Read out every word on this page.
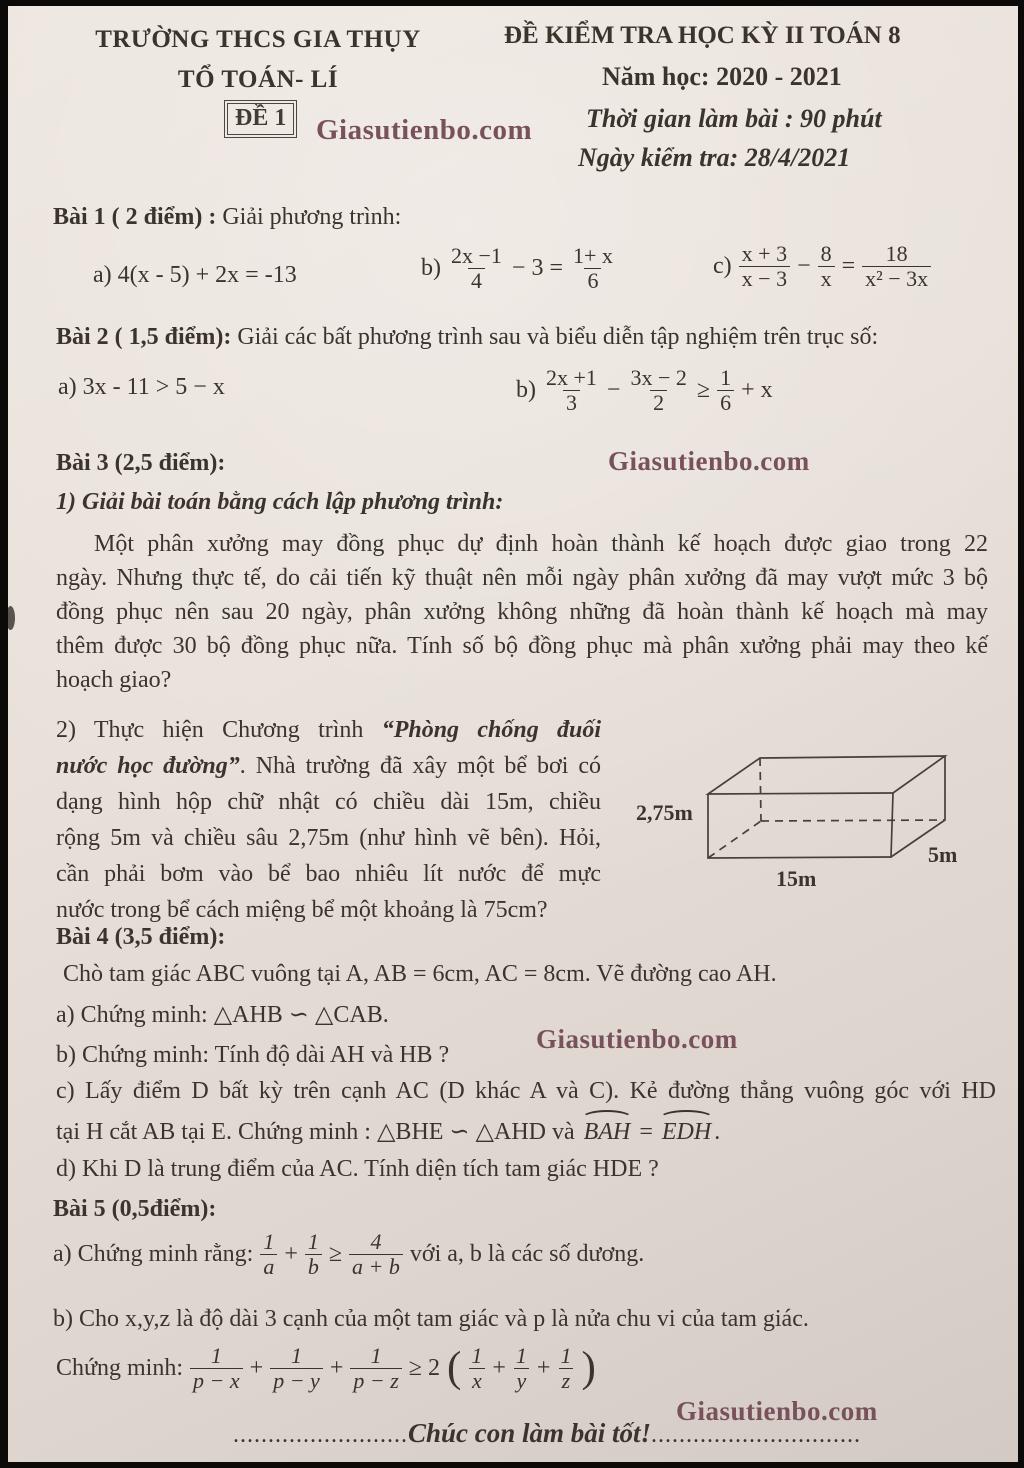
TRƯỜNG THCS GIA THỤY
TỔ TOÁN- LÍ
ĐỀ 1	Giasutienbo.com
ĐỀ KIỂM TRA HỌC KỲ II TOÁN 8
Năm học: 2020 - 2021
Thời gian làm bài : 90 phút
Ngày kiểm tra: 28/4/2021
Bài 1 ( 2 điểm) : Giải phương trình:
a) 4(x - 5) + 2x = -13	$b) \frac{2x -1}{4} - 3 = \frac{1+ x}{6}$	$c) \frac{x + 3}{x - 3} - \frac{8}{x} = \frac{18}{\text{x² − 3x}}$
Bài 2 ( 1,5 điểm): Giải các bất phương trình sau và biểu diễn tập nghiệm trên trục số:
a) 3x - 11 > 5 − x	$b) \frac{2x +1}{3} - \frac{3x - 2}{2} \ge \frac{1}{6} + x$
Bài 3 (2,5 điểm):	Giasutienbo.com
1) Giải bài toán bằng cách lập phương trình:
Một phân xưởng may đồng phục dự định hoàn thành kế hoạch được giao trong 22
ngày. Nhưng thực tế, do cải tiến kỹ thuật nên mỗi ngày phân xưởng đã may vượt mức 3 bộ
đồng phục nên sau 20 ngày, phân xưởng không những đã hoàn thành kế hoạch mà may
thêm được 30 bộ đồng phục nữa. Tính số bộ đồng phục mà phân xưởng phải may theo kế
hoạch giao?
2) Thực hiện Chương trình “Phòng chống đuối
nước học đường”. Nhà trường đã xây một bể bơi có
dạng hình hộp chữ nhật có chiều dài 15m, chiều
rộng 5m và chiều sâu 2,75m (như hình vẽ bên). Hỏi,
cần phải bơm vào bể bao nhiêu lít nước để mực
nước trong bể cách miệng bể một khoảng là 75cm?
2,75m
5m
15m
Bài 4 (3,5 điểm):
Chò tam giác ABC vuông tại A, AB = 6cm, AC = 8cm. Vẽ đường cao AH.
a) Chứng minh: △AHB ∽ △CAB.
Giasutienbo.com
b) Chứng minh: Tính độ dài AH và HB ?
c) Lấy điểm D bất kỳ trên cạnh AC (D khác A và C). Kẻ đường thẳng vuông góc với HD
tại H cắt AB tại E. Chứng minh : △BHE ∽ △AHD và BAH = EDH .
d) Khi D là trung điểm của AC. Tính diện tích tam giác HDE ?
Bài 5 (0,5điểm):
a) Chứng minh rằng: $\frac{1}{a} + \frac{1}{b} \ge \frac{4}{a + b}$ với a, b là các số dương.
b) Cho x,y,z là độ dài 3 cạnh của một tam giác và p là nửa chu vi của tam giác.
Chứng minh: $\frac{1}{p - x} + \frac{1}{p - y} + \frac{1}{p - z} \ge 2$ ( $\frac{1}{x} + \frac{1}{y} + \frac{1}{z}$ )
Giasutienbo.com
.........................Chúc con làm bài tốt!..............................
